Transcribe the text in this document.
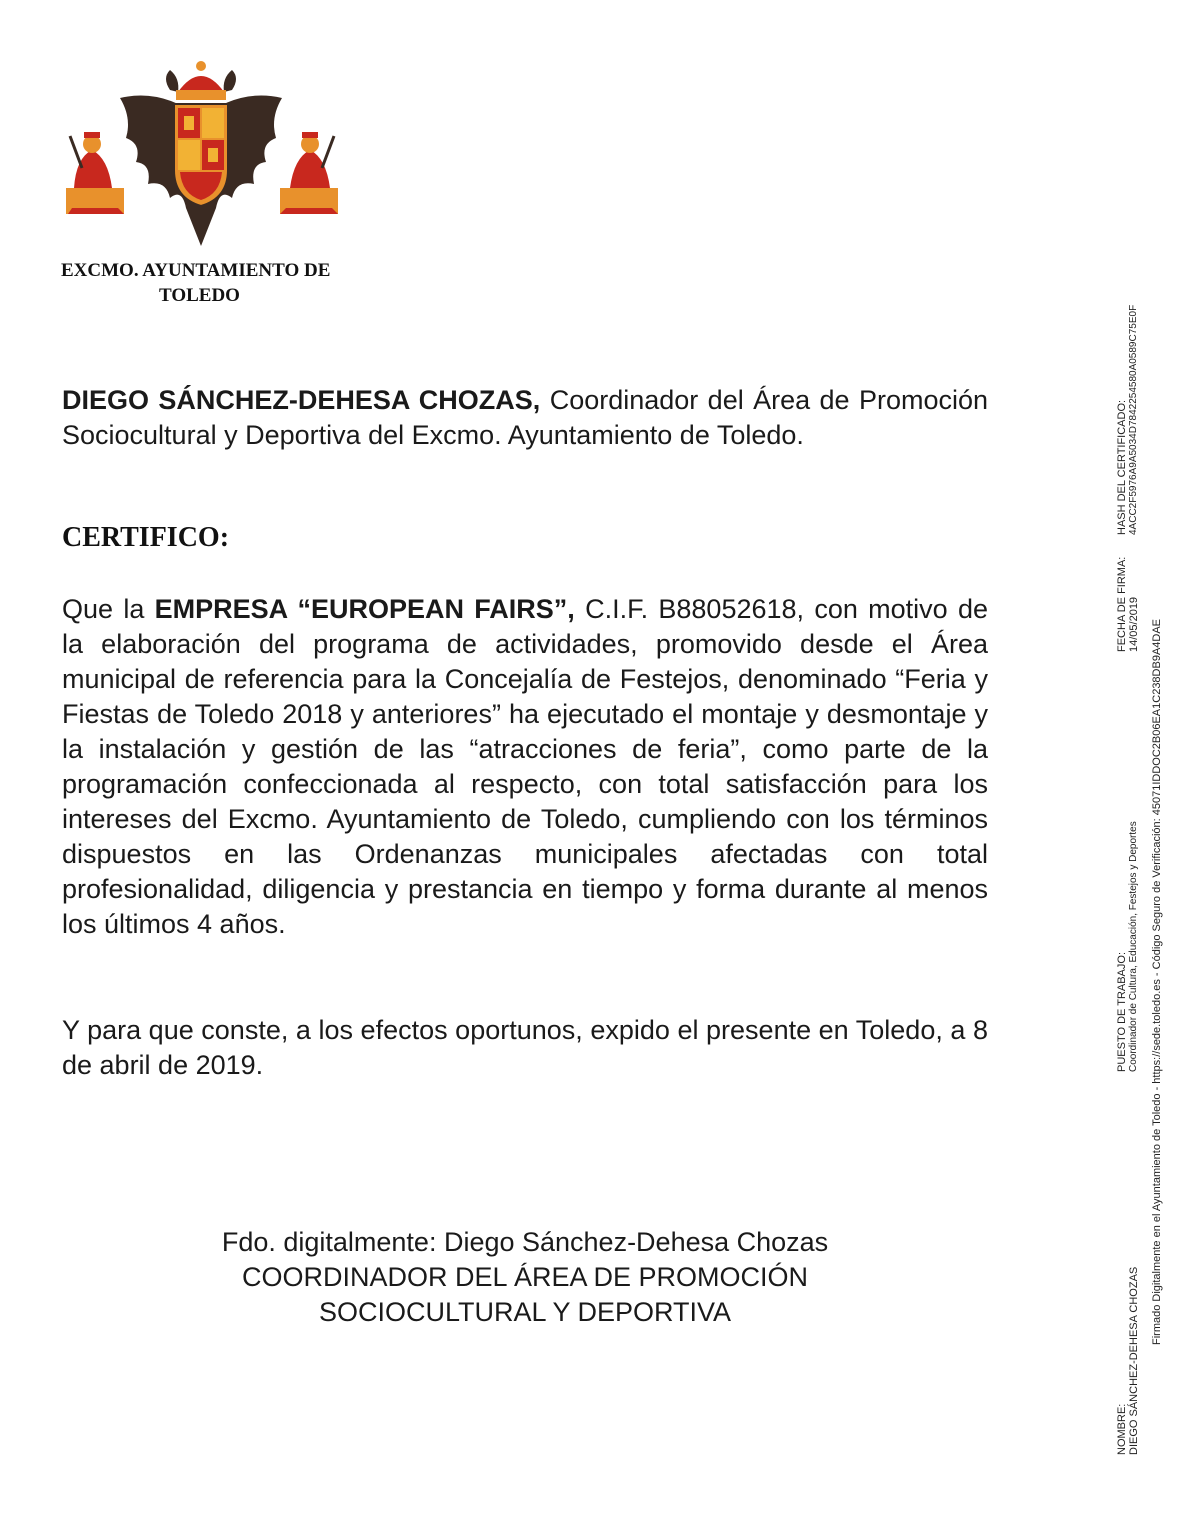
EXCMO. AYUNTAMIENTO DE
TOLEDO
DIEGO SÁNCHEZ-DEHESA CHOZAS, Coordinador del Área de Promoción Sociocultural y Deportiva del Excmo. Ayuntamiento de Toledo.
CERTIFICO:
Que la EMPRESA “EUROPEAN FAIRS”, C.I.F. B88052618, con motivo de la elaboración del programa de actividades, promovido desde el Área municipal de referencia para la Concejalía de Festejos, denominado “Feria y Fiestas de Toledo 2018 y anteriores” ha ejecutado el montaje y desmontaje y la instalación y gestión de las “atracciones de feria”, como parte de la programación confeccionada al respecto, con total satisfacción para los intereses del Excmo. Ayuntamiento de Toledo, cumpliendo con los términos dispuestos en las Ordenanzas municipales afectadas con total profesionalidad, diligencia y prestancia en tiempo y forma durante al menos los últimos 4 años.
Y para que conste, a los efectos oportunos, expido el presente en Toledo, a 8 de abril de 2019.
Fdo. digitalmente: Diego Sánchez-Dehesa Chozas
COORDINADOR DEL ÁREA DE PROMOCIÓN
SOCIOCULTURAL Y DEPORTIVA
NOMBRE: DIEGO SÁNCHEZ-DEHESA CHOZAS
PUESTO DE TRABAJO: Coordinador de Cultura, Educación, Festejos y Deportes
FECHA DE FIRMA: 14/05/2019
HASH DEL CERTIFICADO: 4ACC2F5976A9A5034D7842254580A0589C75E0F
Firmado Digitalmente en el Ayuntamiento de Toledo - https://sede.toledo.es - Código Seguro de Verificación: 45071IDDOC2B06EA1C238DB9A4DAE
